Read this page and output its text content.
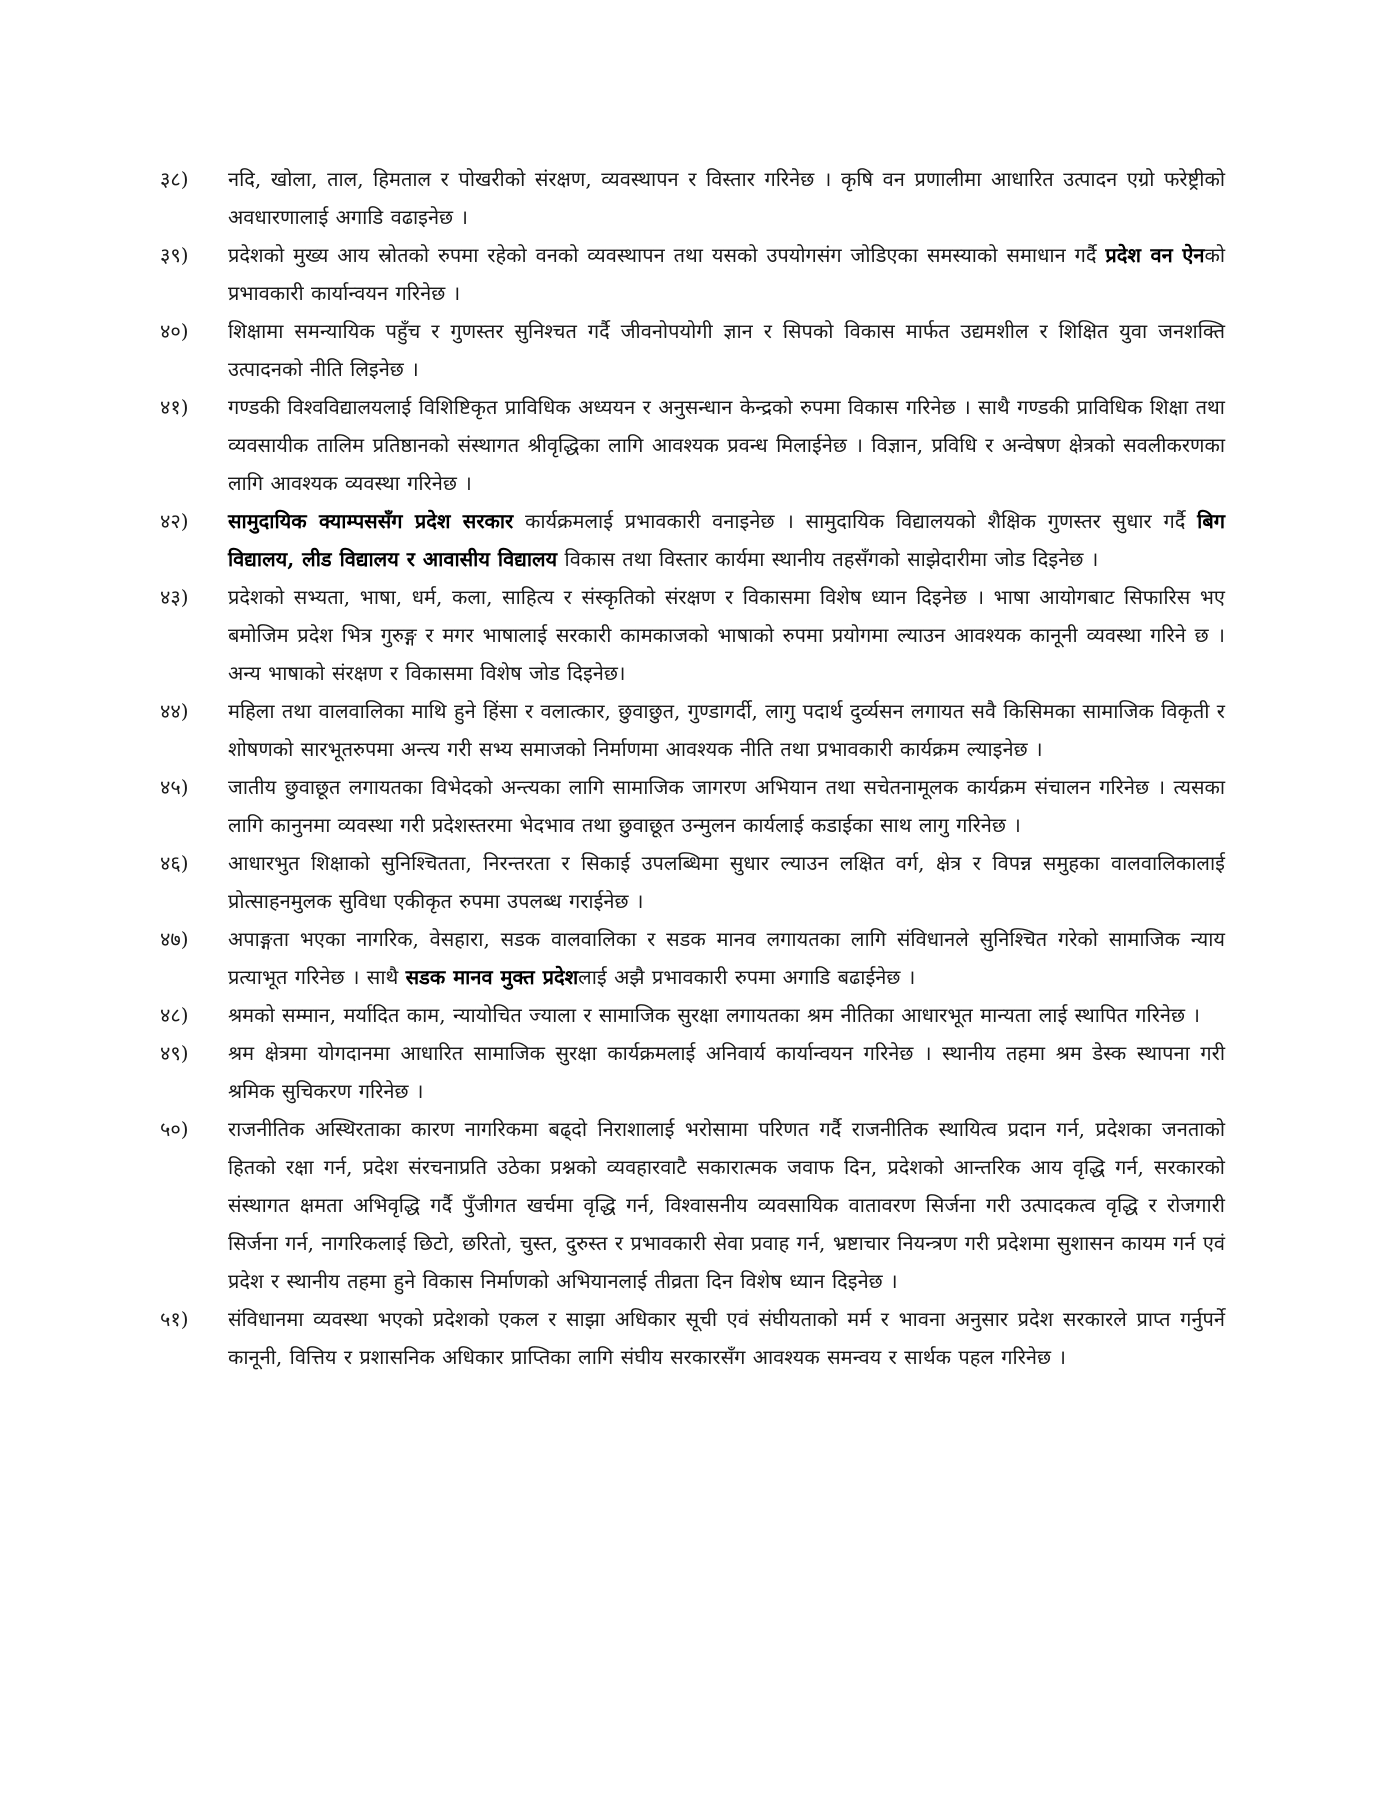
३८)	नदि, खोला, ताल, हिमताल र पोखरीको संरक्षण, व्यवस्थापन र विस्तार गरिनेछ । कृषि वन प्रणालीमा आधारित उत्पादन एग्रो फरेष्ट्रीको अवधारणालाई अगाडि वढाइनेछ ।
३९)	प्रदेशको मुख्य आय स्रोतको रुपमा रहेको वनको व्यवस्थापन तथा यसको उपयोगसंग जोडिएका समस्याको समाधान गर्दै प्रदेश वन ऐनको प्रभावकारी कार्यान्वयन गरिनेछ ।
४०)	शिक्षामा समन्यायिक पहुँच र गुणस्तर सुनिश्चत गर्दै जीवनोपयोगी ज्ञान र सिपको विकास मार्फत उद्यमशील र शिक्षित युवा जनशक्ति उत्पादनको नीति लिइनेछ ।
४१)	गण्डकी विश्वविद्यालयलाई विशिष्टिकृत प्राविधिक अध्ययन र अनुसन्धान केन्द्रको रुपमा विकास गरिनेछ । साथै गण्डकी प्राविधिक शिक्षा तथा व्यवसायीक तालिम प्रतिष्ठानको संस्थागत श्रीवृद्धिका लागि आवश्यक प्रवन्ध मिलाईनेछ । विज्ञान, प्रविधि र अन्वेषण क्षेत्रको सवलीकरणका लागि आवश्यक व्यवस्था गरिनेछ ।
४२)	सामुदायिक क्याम्पससँग प्रदेश सरकार कार्यक्रमलाई प्रभावकारी वनाइनेछ । सामुदायिक विद्यालयको शैक्षिक गुणस्तर सुधार गर्दै बिग विद्यालय, लीड विद्यालय र आवासीय विद्यालय विकास तथा विस्तार कार्यमा स्थानीय तहसँगको साझेदारीमा जोड दिइनेछ ।
४३)	प्रदेशको सभ्यता, भाषा, धर्म, कला, साहित्य र संस्कृतिको संरक्षण र विकासमा विशेष ध्यान दिइनेछ । भाषा आयोगबाट सिफारिस भए बमोजिम प्रदेश भित्र गुरुङ्ग र मगर भाषालाई सरकारी कामकाजको भाषाको रुपमा प्रयोगमा ल्याउन आवश्यक कानूनी व्यवस्था गरिने छ । अन्य भाषाको संरक्षण र विकासमा विशेष जोड दिइनेछ।
४४)	महिला तथा वालवालिका माथि हुने हिंसा र वलात्कार, छुवाछुत, गुण्डागर्दी, लागु पदार्थ दुर्व्यसन लगायत सवै किसिमका सामाजिक विकृती र शोषणको सारभूतरुपमा अन्त्य गरी सभ्य समाजको निर्माणमा आवश्यक नीति तथा प्रभावकारी कार्यक्रम ल्याइनेछ ।
४५)	जातीय छुवाछूत लगायतका विभेदको अन्त्यका लागि सामाजिक जागरण अभियान तथा सचेतनामूलक कार्यक्रम संचालन गरिनेछ । त्यसका लागि कानुनमा व्यवस्था गरी प्रदेशस्तरमा भेदभाव तथा छुवाछूत उन्मुलन कार्यलाई कडाईका साथ लागु गरिनेछ ।
४६)	आधारभुत शिक्षाको सुनिश्चितता, निरन्तरता र सिकाई उपलब्धिमा सुधार ल्याउन लक्षित वर्ग, क्षेत्र र विपन्न समुहका वालवालिकालाई प्रोत्साहनमुलक सुविधा एकीकृत रुपमा उपलब्ध गराईनेछ ।
४७)	अपाङ्गता भएका नागरिक, वेसहारा, सडक वालवालिका र सडक मानव लगायतका लागि संविधानले सुनिश्चित गरेको सामाजिक न्याय प्रत्याभूत गरिनेछ । साथै सडक मानव मुक्त प्रदेशलाई अझै प्रभावकारी रुपमा अगाडि बढाईनेछ ।
४८)	श्रमको सम्मान, मर्यादित काम, न्यायोचित ज्याला र सामाजिक सुरक्षा लगायतका श्रम नीतिका आधारभूत मान्यता लाई स्थापित गरिनेछ ।
४९)	श्रम क्षेत्रमा योगदानमा आधारित सामाजिक सुरक्षा कार्यक्रमलाई अनिवार्य कार्यान्वयन गरिनेछ । स्थानीय तहमा श्रम डेस्क स्थापना गरी श्रमिक सुचिकरण गरिनेछ ।
५०)	राजनीतिक अस्थिरताका कारण नागरिकमा बढ्दो निराशालाई भरोसामा परिणत गर्दै राजनीतिक स्थायित्व प्रदान गर्न, प्रदेशका जनताको हितको रक्षा गर्न, प्रदेश संरचनाप्रति उठेका प्रश्नको व्यवहारवाटै सकारात्मक जवाफ दिन, प्रदेशको आन्तरिक आय वृद्धि गर्न, सरकारको संस्थागत क्षमता अभिवृद्धि गर्दै पुँजीगत खर्चमा वृद्धि गर्न, विश्वासनीय व्यवसायिक वातावरण सिर्जना गरी उत्पादकत्व वृद्धि र रोजगारी सिर्जना गर्न, नागरिकलाई छिटो, छरितो, चुस्त, दुरुस्त र प्रभावकारी सेवा प्रवाह गर्न, भ्रष्टाचार नियन्त्रण गरी प्रदेशमा सुशासन कायम गर्न एवं प्रदेश र स्थानीय तहमा हुने विकास निर्माणको अभियानलाई तीव्रता दिन विशेष ध्यान दिइनेछ ।
५१)	संविधानमा व्यवस्था भएको प्रदेशको एकल र साझा अधिकार सूची एवं संघीयताको मर्म र भावना अनुसार प्रदेश सरकारले प्राप्त गर्नुपर्ने कानूनी, वित्तिय र प्रशासनिक अधिकार प्राप्तिका लागि संघीय सरकारसँग आवश्यक समन्वय र सार्थक पहल गरिनेछ ।
